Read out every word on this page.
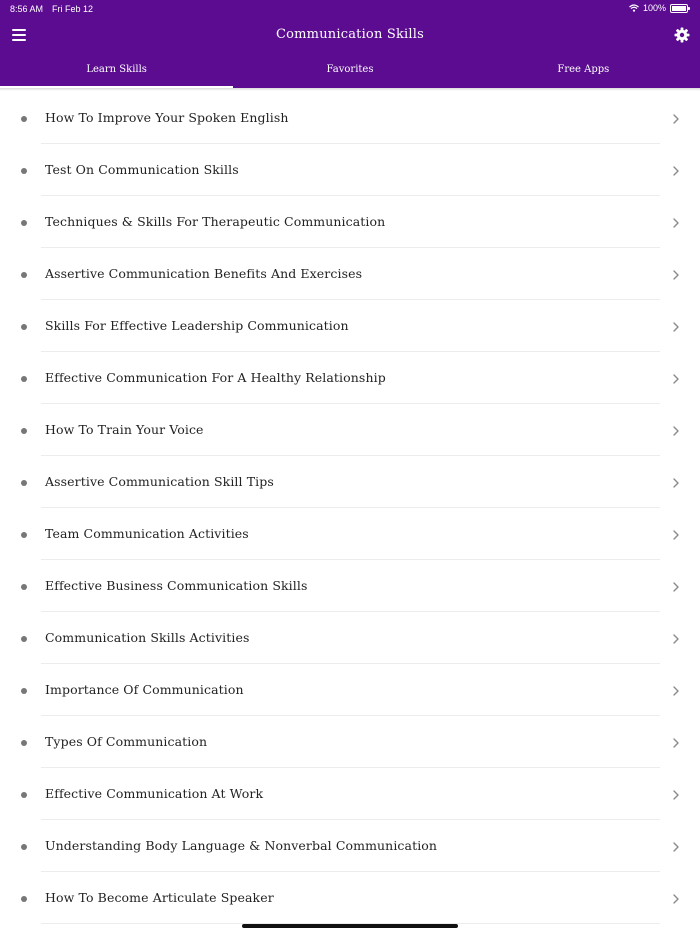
8:56 AM Fri Feb 12	100%
Communication Skills
Learn Skills	Favorites	Free Apps
How To Improve Your Spoken English
Test On Communication Skills
Techniques & Skills For Therapeutic Communication
Assertive Communication Benefits And Exercises
Skills For Effective Leadership Communication
Effective Communication For A Healthy Relationship
How To Train Your Voice
Assertive Communication Skill Tips
Team Communication Activities
Effective Business Communication Skills
Communication Skills Activities
Importance Of Communication
Types Of Communication
Effective Communication At Work
Understanding Body Language & Nonverbal Communication
How To Become Articulate Speaker
